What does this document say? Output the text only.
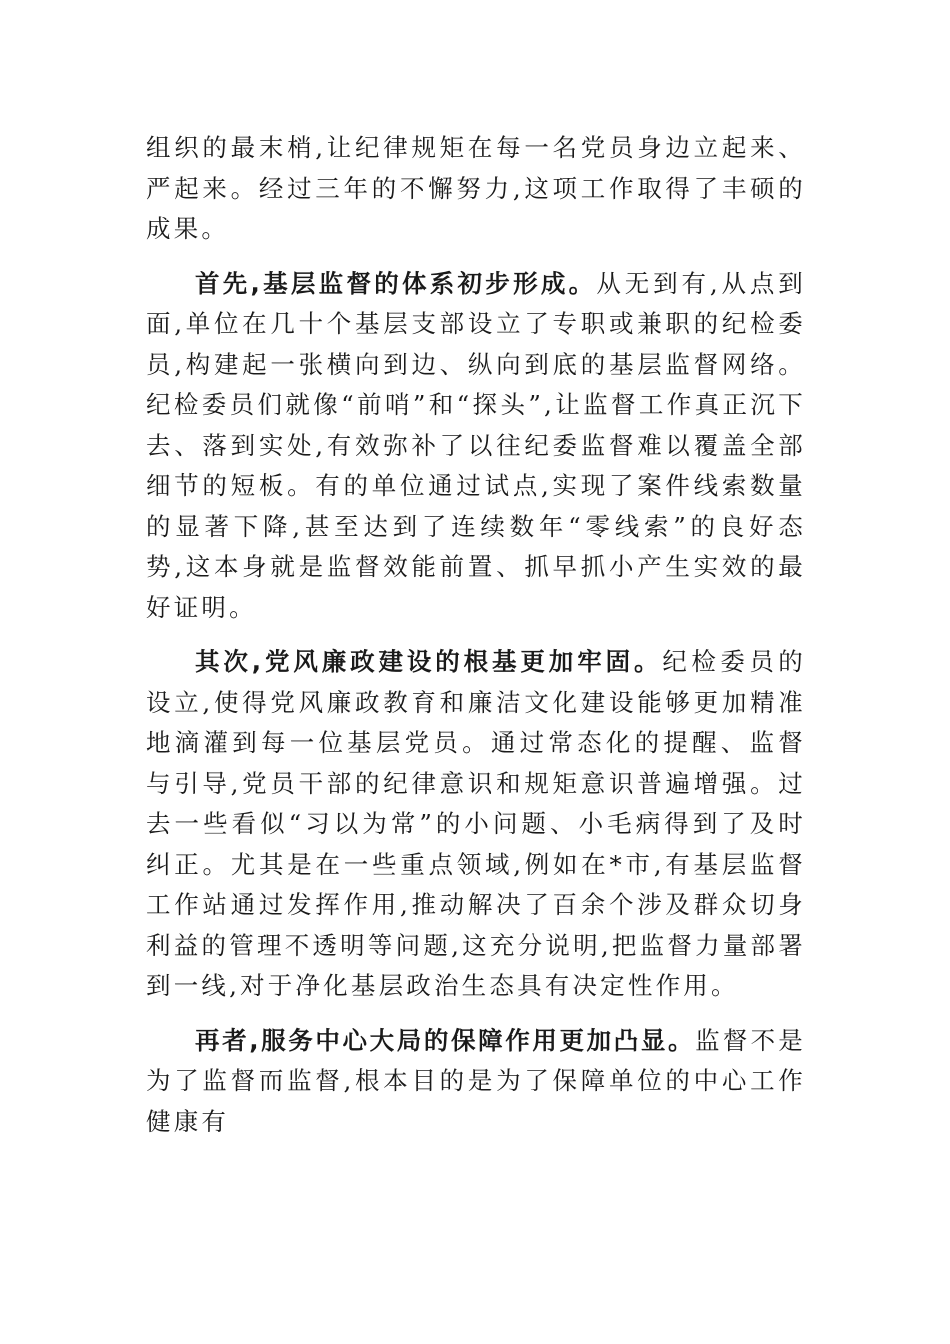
组织的最末梢,让纪律规矩在每一名党员身边立起来、严起来。经过三年的不懈努力,这项工作取得了丰硕的成果。

首先,基层监督的体系初步形成。从无到有,从点到面,单位在几十个基层支部设立了专职或兼职的纪检委员,构建起一张横向到边、纵向到底的基层监督网络。纪检委员们就像“前哨”和“探头”,让监督工作真正沉下去、落到实处,有效弥补了以往纪委监督难以覆盖全部细节的短板。有的单位通过试点,实现了案件线索数量的显著下降,甚至达到了连续数年“零线索”的良好态势,这本身就是监督效能前置、抓早抓小产生实效的最好证明。

其次,党风廉政建设的根基更加牢固。纪检委员的设立,使得党风廉政教育和廉洁文化建设能够更加精准地滴灌到每一位基层党员。通过常态化的提醒、监督与引导,党员干部的纪律意识和规矩意识普遍增强。过去一些看似“习以为常”的小问题、小毛病得到了及时纠正。尤其是在一些重点领域,例如在*市,有基层监督工作站通过发挥作用,推动解决了百余个涉及群众切身利益的管理不透明等问题,这充分说明,把监督力量部署到一线,对于净化基层政治生态具有决定性作用。

再者,服务中心大局的保障作用更加凸显。监督不是为了监督而监督,根本目的是为了保障单位的中心工作健康有
